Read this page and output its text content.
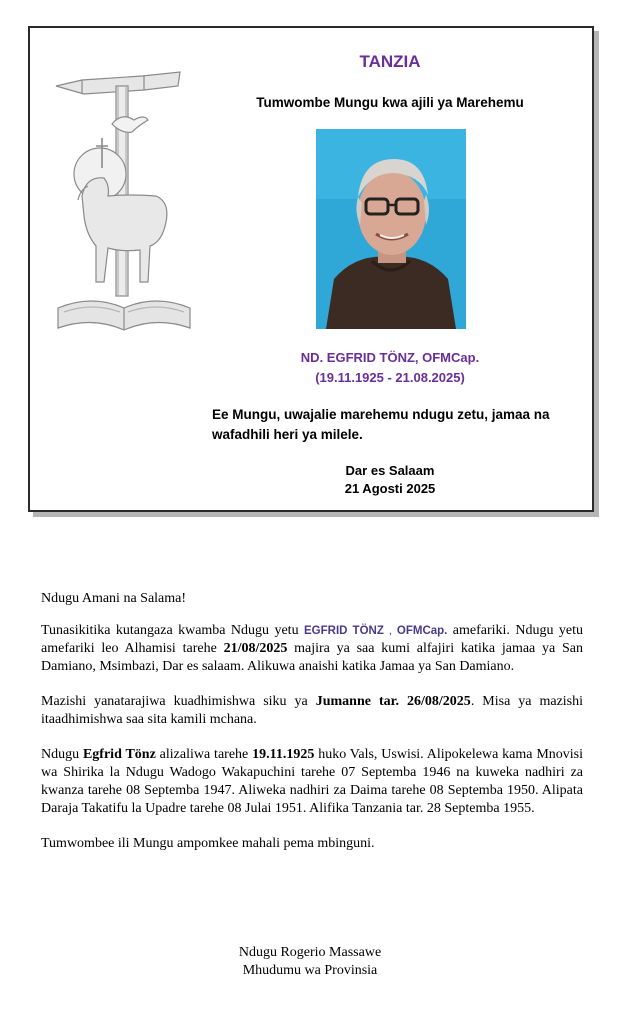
TANZIA
Tumwombe Mungu kwa ajili ya Marehemu
ND. EGFRID TÖNZ, OFMCap.
(19.11.1925 - 21.08.2025)
Ee Mungu, uwajalie marehemu ndugu zetu, jamaa na wafadhili heri ya milele.
Dar es Salaam
21 Agosti 2025

Ndugu Amani na Salama!

Tunasikitika kutangaza kwamba Ndugu yetu EGFRID TÖNZ , OFMCap. amefariki. Ndugu yetu amefariki leo Alhamisi tarehe 21/08/2025 majira ya saa kumi alfajiri katika jamaa ya San Damiano, Msimbazi, Dar es salaam. Alikuwa anaishi katika Jamaa ya San Damiano.

Mazishi yanatarajiwa kuadhimishwa siku ya Jumanne tar. 26/08/2025. Misa ya mazishi itaadhimishwa saa sita kamili mchana.

Ndugu Egfrid Tönz alizaliwa tarehe 19.11.1925 huko Vals, Uswisi. Alipokelewa kama Mnovisi wa Shirika la Ndugu Wadogo Wakapuchini tarehe 07 Septemba 1946 na kuweka nadhiri za kwanza tarehe 08 Septemba 1947. Aliweka nadhiri za Daima tarehe 08 Septemba 1950. Alipata Daraja Takatifu la Upadre tarehe 08 Julai 1951. Alifika Tanzania tar. 28 Septemba 1955.

Tumwombee ili Mungu ampomkee mahali pema mbinguni.

Ndugu Rogerio Massawe
Mhudumu wa Provinsia
